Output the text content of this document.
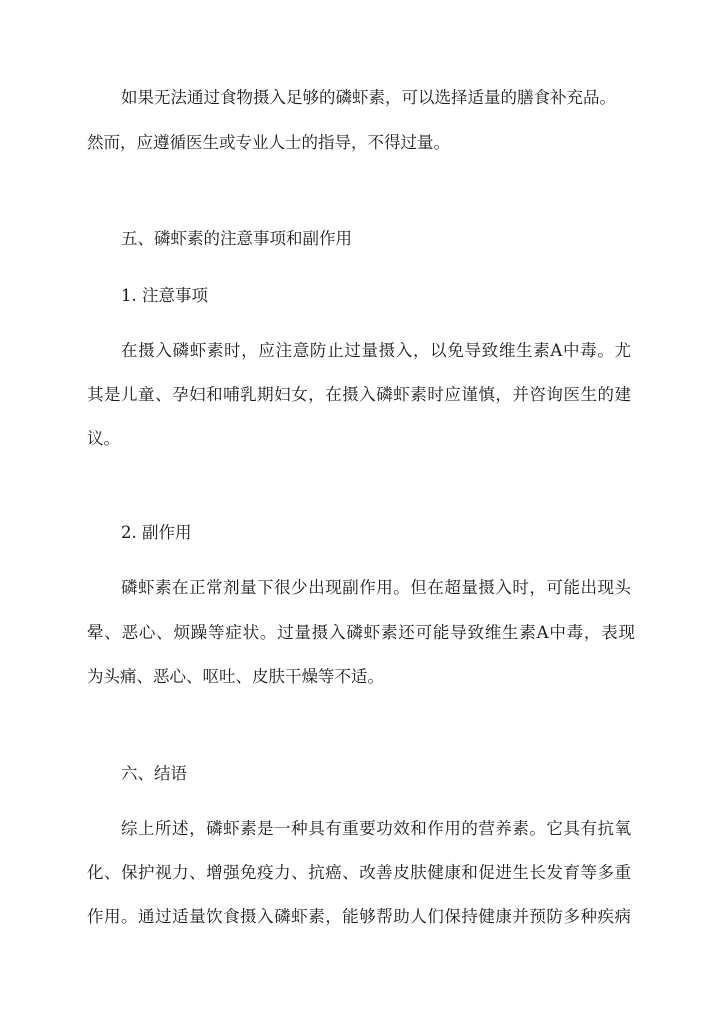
如果无法通过食物摄入足够的磷虾素，可以选择适量的膳食补充品。
然而，应遵循医生或专业人士的指导，不得过量。
五、磷虾素的注意事项和副作用
1. 注意事项
在摄入磷虾素时，应注意防止过量摄入，以免导致维生素A中毒。尤
其是儿童、孕妇和哺乳期妇女，在摄入磷虾素时应谨慎，并咨询医生的建
议。
2. 副作用
磷虾素在正常剂量下很少出现副作用。但在超量摄入时，可能出现头
晕、恶心、烦躁等症状。过量摄入磷虾素还可能导致维生素A中毒，表现
为头痛、恶心、呕吐、皮肤干燥等不适。
六、结语
综上所述，磷虾素是一种具有重要功效和作用的营养素。它具有抗氧
化、保护视力、增强免疫力、抗癌、改善皮肤健康和促进生长发育等多重
作用。通过适量饮食摄入磷虾素，能够帮助人们保持健康并预防多种疾病
